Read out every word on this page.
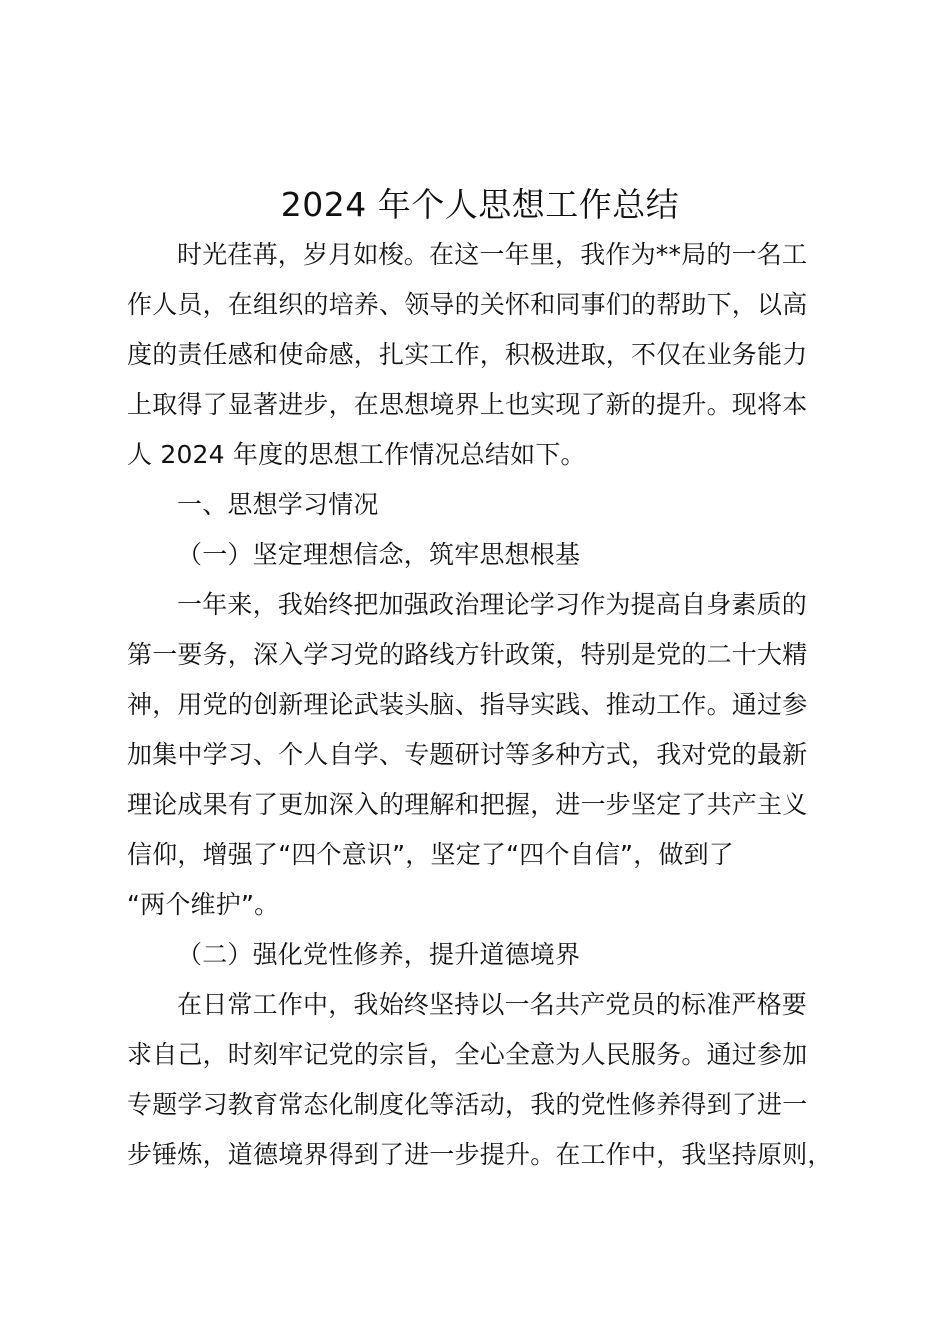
2024 年个人思想工作总结
时光荏苒，岁月如梭。在这一年里，我作为**局的一名工
作人员，在组织的培养、领导的关怀和同事们的帮助下，以高
度的责任感和使命感，扎实工作，积极进取，不仅在业务能力
上取得了显著进步，在思想境界上也实现了新的提升。现将本
人 2024 年度的思想工作情况总结如下。
一、思想学习情况
（一）坚定理想信念，筑牢思想根基
一年来，我始终把加强政治理论学习作为提高自身素质的
第一要务，深入学习党的路线方针政策，特别是党的二十大精
神，用党的创新理论武装头脑、指导实践、推动工作。通过参
加集中学习、个人自学、专题研讨等多种方式，我对党的最新
理论成果有了更加深入的理解和把握，进一步坚定了共产主义
信仰，增强了“四个意识”，坚定了“四个自信”，做到了
“两个维护”。
（二）强化党性修养，提升道德境界
在日常工作中，我始终坚持以一名共产党员的标准严格要
求自己，时刻牢记党的宗旨，全心全意为人民服务。通过参加
专题学习教育常态化制度化等活动，我的党性修养得到了进一
步锤炼，道德境界得到了进一步提升。在工作中，我坚持原则，
